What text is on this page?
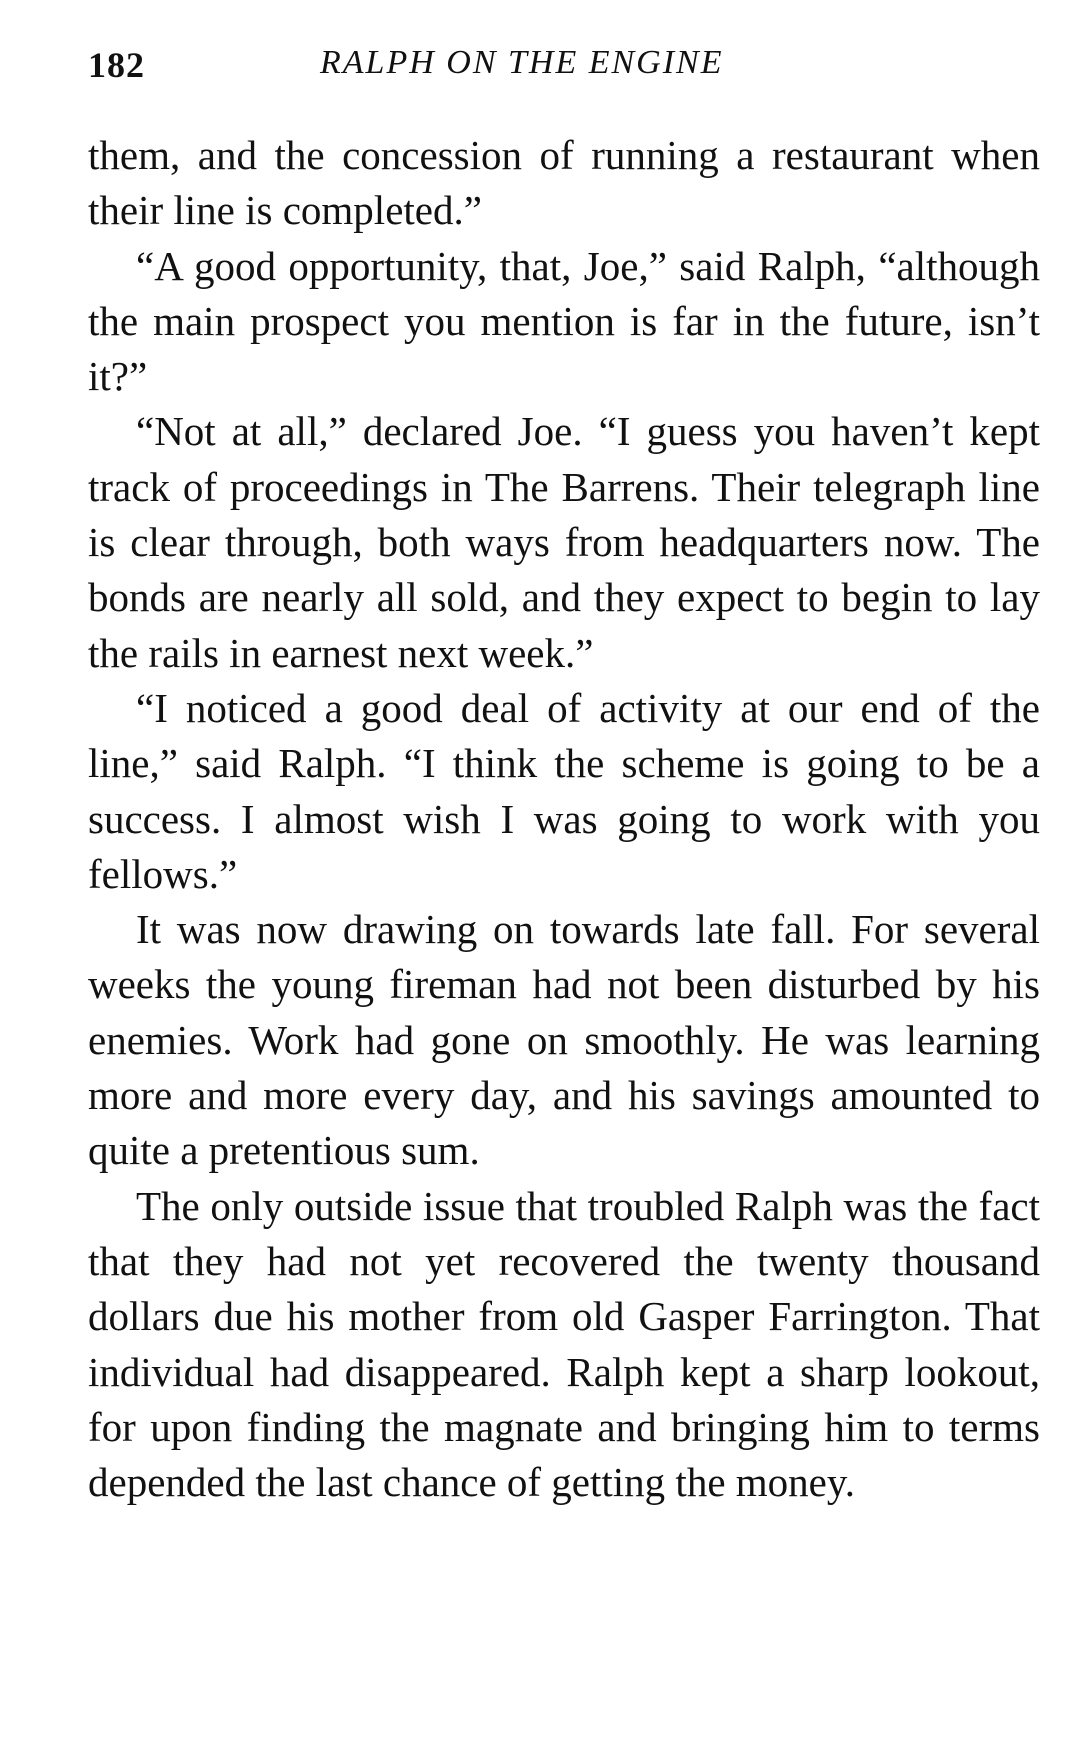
182	RALPH ON THE ENGINE

them, and the concession of running a restaurant when their line is completed.”

“A good opportunity, that, Joe,” said Ralph, “although the main prospect you mention is far in the future, isn’t it?”

“Not at all,” declared Joe. “I guess you haven’t kept track of proceedings in The Barrens. Their telegraph line is clear through, both ways from headquarters now. The bonds are nearly all sold, and they expect to begin to lay the rails in earnest next week.”

“I noticed a good deal of activity at our end of the line,” said Ralph. “I think the scheme is going to be a success. I almost wish I was going to work with you fellows.”

It was now drawing on towards late fall. For several weeks the young fireman had not been disturbed by his enemies. Work had gone on smoothly. He was learning more and more every day, and his savings amounted to quite a pretentious sum.

The only outside issue that troubled Ralph was the fact that they had not yet recovered the twenty thousand dollars due his mother from old Gasper Farrington. That individual had disappeared. Ralph kept a sharp lookout, for upon finding the magnate and bringing him to terms depended the last chance of getting the money.
